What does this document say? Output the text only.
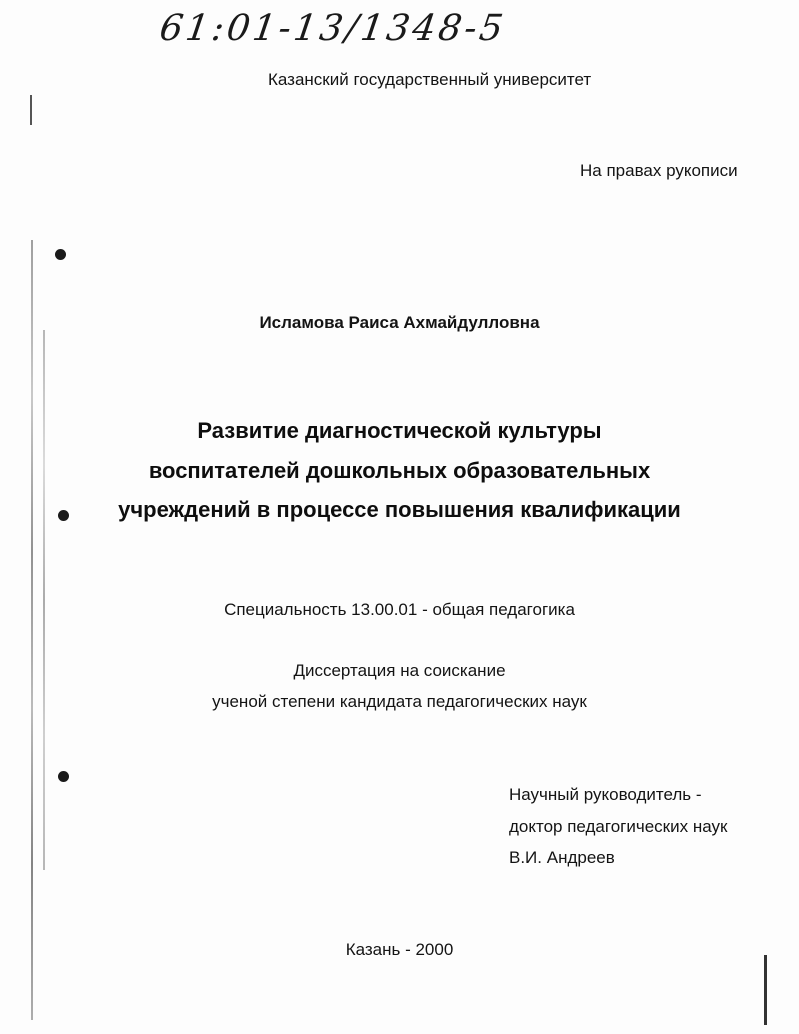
61:01-13/1348-5
Казанский государственный университет
На правах рукописи
Исламова Раиса Ахмайдулловна
Развитие диагностической культуры
воспитателей дошкольных образовательных
учреждений в процессе повышения квалификации
Специальность 13.00.01 - общая педагогика
Диссертация на соискание
ученой степени кандидата педагогических наук
Научный руководитель -
доктор педагогических наук
В.И. Андреев
Казань - 2000
